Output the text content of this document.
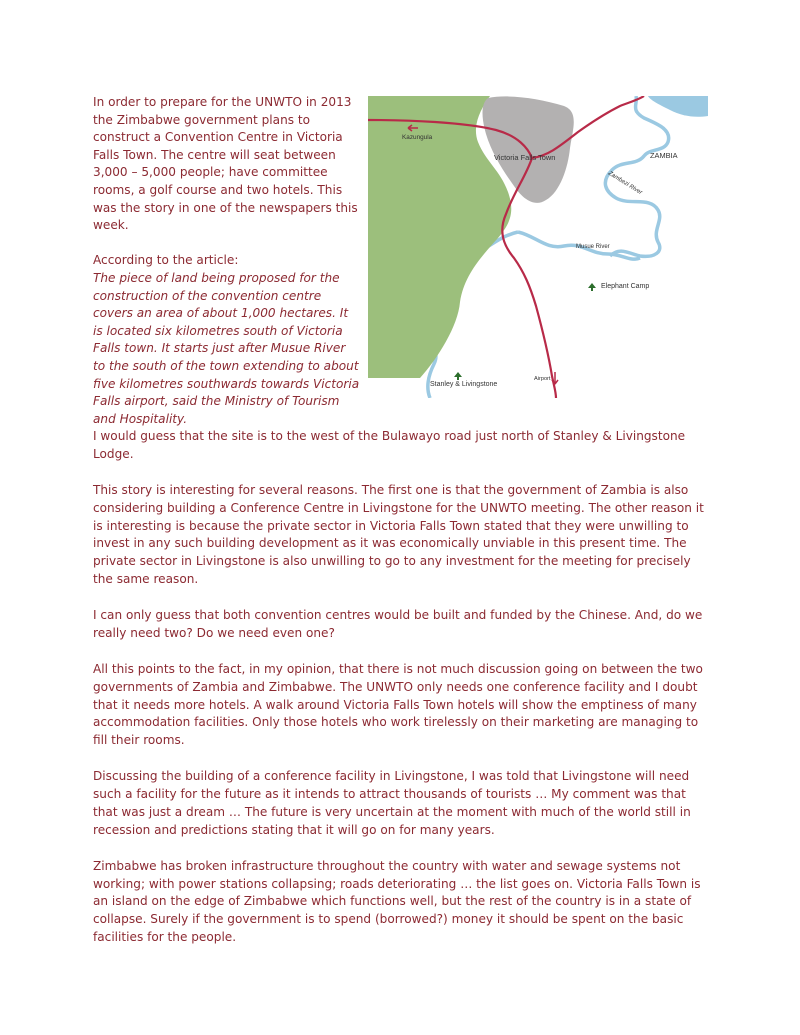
In order to prepare for the UNWTO in 2013 the Zimbabwe government plans to construct a Convention Centre in Victoria Falls Town. The centre will seat between 3,000 – 5,000 people; have committee rooms, a golf course and two hotels. This was the story in one of the newspapers this week.

According to the article:

The piece of land being proposed for the construction of the convention centre covers an area of about 1,000 hectares. It is located six kilometres south of Victoria Falls town. It starts just after Musue River to the south of the town extending to about five kilometres southwards towards Victoria Falls airport, said the Ministry of Tourism and Hospitality.

Kazungula
Victoria Falls Town	ZAMBIA
Zambezi River
Musue River
Elephant Camp
Stanley & Livingstone
Airport

I would guess that the site is to the west of the Bulawayo road just north of Stanley & Livingstone Lodge.

This story is interesting for several reasons. The first one is that the government of Zambia is also considering building a Conference Centre in Livingstone for the UNWTO meeting. The other reason it is interesting is because the private sector in Victoria Falls Town stated that they were unwilling to invest in any such building development as it was economically unviable in this present time. The private sector in Livingstone is also unwilling to go to any investment for the meeting for precisely the same reason.

I can only guess that both convention centres would be built and funded by the Chinese. And, do we really need two? Do we need even one?

All this points to the fact, in my opinion, that there is not much discussion going on between the two governments of Zambia and Zimbabwe. The UNWTO only needs one conference facility and I doubt that it needs more hotels. A walk around Victoria Falls Town hotels will show the emptiness of many accommodation facilities. Only those hotels who work tirelessly on their marketing are managing to fill their rooms.

Discussing the building of a conference facility in Livingstone, I was told that Livingstone will need such a facility for the future as it intends to attract thousands of tourists … My comment was that that was just a dream … The future is very uncertain at the moment with much of the world still in recession and predictions stating that it will go on for many years.

Zimbabwe has broken infrastructure throughout the country with water and sewage systems not working; with power stations collapsing; roads deteriorating … the list goes on. Victoria Falls Town is an island on the edge of Zimbabwe which functions well, but the rest of the country is in a state of collapse. Surely if the government is to spend (borrowed?) money it should be spent on the basic facilities for the people.
